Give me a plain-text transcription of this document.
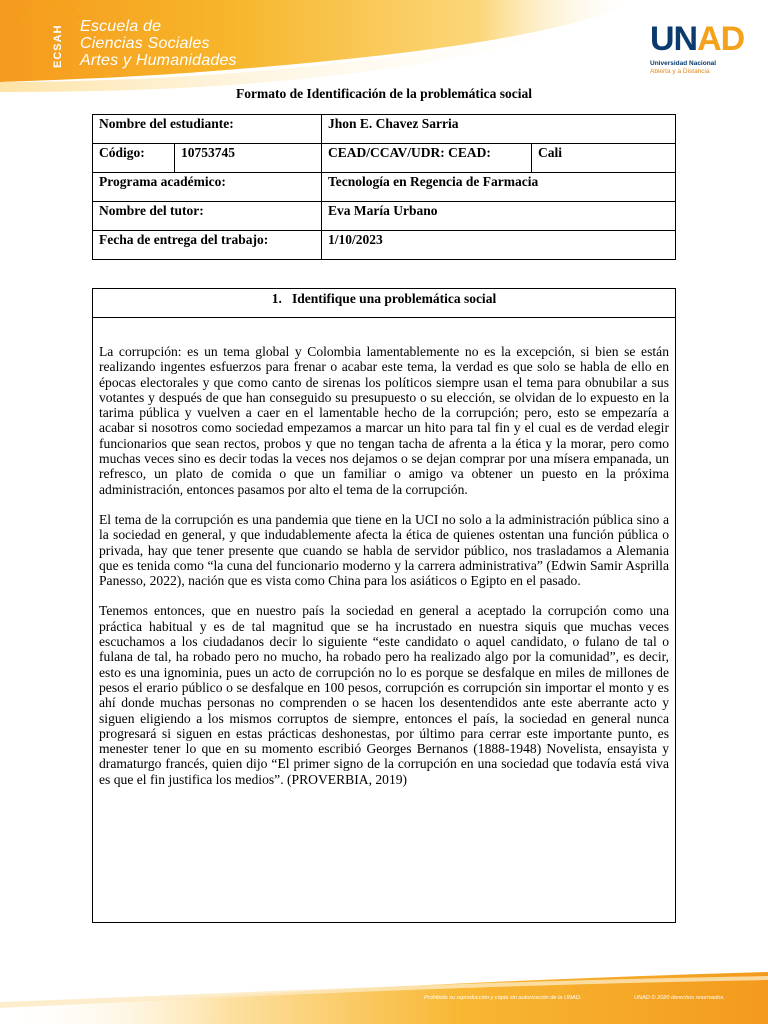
ECSAH	Escuela de
Ciencias Sociales
Artes y Humanidades
UNAD
Universidad Nacional
Abierta y a Distancia
Formato de Identificación de la problemática social
Nombre del estudiante:		Jhon E. Chavez Sarria	
Código:	10753745	CEAD/CCAV/UDR: CEAD:	Cali
Programa académico:		Tecnología en Regencia de Farmacia	
Nombre del tutor:		Eva María Urbano	
Fecha de entrega del trabajo:		1/10/2023	
1.   Identifique una problemática social

La corrupción: es un tema global y Colombia lamentablemente no es la excepción, si bien se están realizando ingentes esfuerzos para frenar o acabar este tema, la verdad es que solo se habla de ello en épocas electorales y que como canto de sirenas los políticos siempre usan el tema para obnubilar a sus votantes y después de que han conseguido su presupuesto o su elección, se olvidan de lo expuesto en la tarima pública y vuelven a caer en el lamentable hecho de la corrupción; pero, esto se empezaría a acabar si nosotros como sociedad empezamos a marcar un hito para tal fin y el cual es de verdad elegir funcionarios que sean rectos, probos y que no tengan tacha de afrenta a la ética y la morar, pero como muchas veces sino es decir todas la veces nos dejamos o se dejan comprar por una mísera empanada, un refresco, un plato de comida o que un familiar o amigo va obtener un puesto en la próxima administración, entonces pasamos por alto el tema de la corrupción.

El tema de la corrupción es una pandemia que tiene en la UCI no solo a la administración pública sino a la sociedad en general, y que indudablemente afecta la ética de quienes ostentan una función pública o privada, hay que tener presente que cuando se habla de servidor público, nos trasladamos a Alemania que es tenida como “la cuna del funcionario moderno y la carrera administrativa” (Edwin Samir Asprilla Panesso, 2022), nación que es vista como China para los asiáticos o Egipto en el pasado.

Tenemos entonces, que en nuestro país la sociedad en general a aceptado la corrupción como una práctica habitual y es de tal magnitud que se ha incrustado en nuestra siquis que muchas veces escuchamos a los ciudadanos decir lo siguiente “este candidato o aquel candidato, o fulano de tal o fulana de tal, ha robado pero no mucho, ha robado pero ha realizado algo por la comunidad”, es decir, esto es una ignominia, pues un acto de corrupción no lo es porque se desfalque en miles de millones de pesos el erario público o se desfalque en 100 pesos, corrupción es corrupción sin importar el monto y es ahí donde muchas personas no comprenden o se hacen los desentendidos ante este aberrante acto y siguen eligiendo a los mismos corruptos de siempre, entonces el país, la sociedad en general nunca progresará si siguen en estas prácticas deshonestas, por último para cerrar este importante punto, es menester tener lo que en su momento escribió Georges Bernanos (1888-1948) Novelista, ensayista y dramaturgo francés, quien dijo “El primer signo de la corrupción en una sociedad que todavía está viva es que el fin justifica los medios”. (PROVERBIA, 2019)

Prohibida su reproducción y copia sin autorización de la UNAD.	UNAD © 2020 derechos reservados.
